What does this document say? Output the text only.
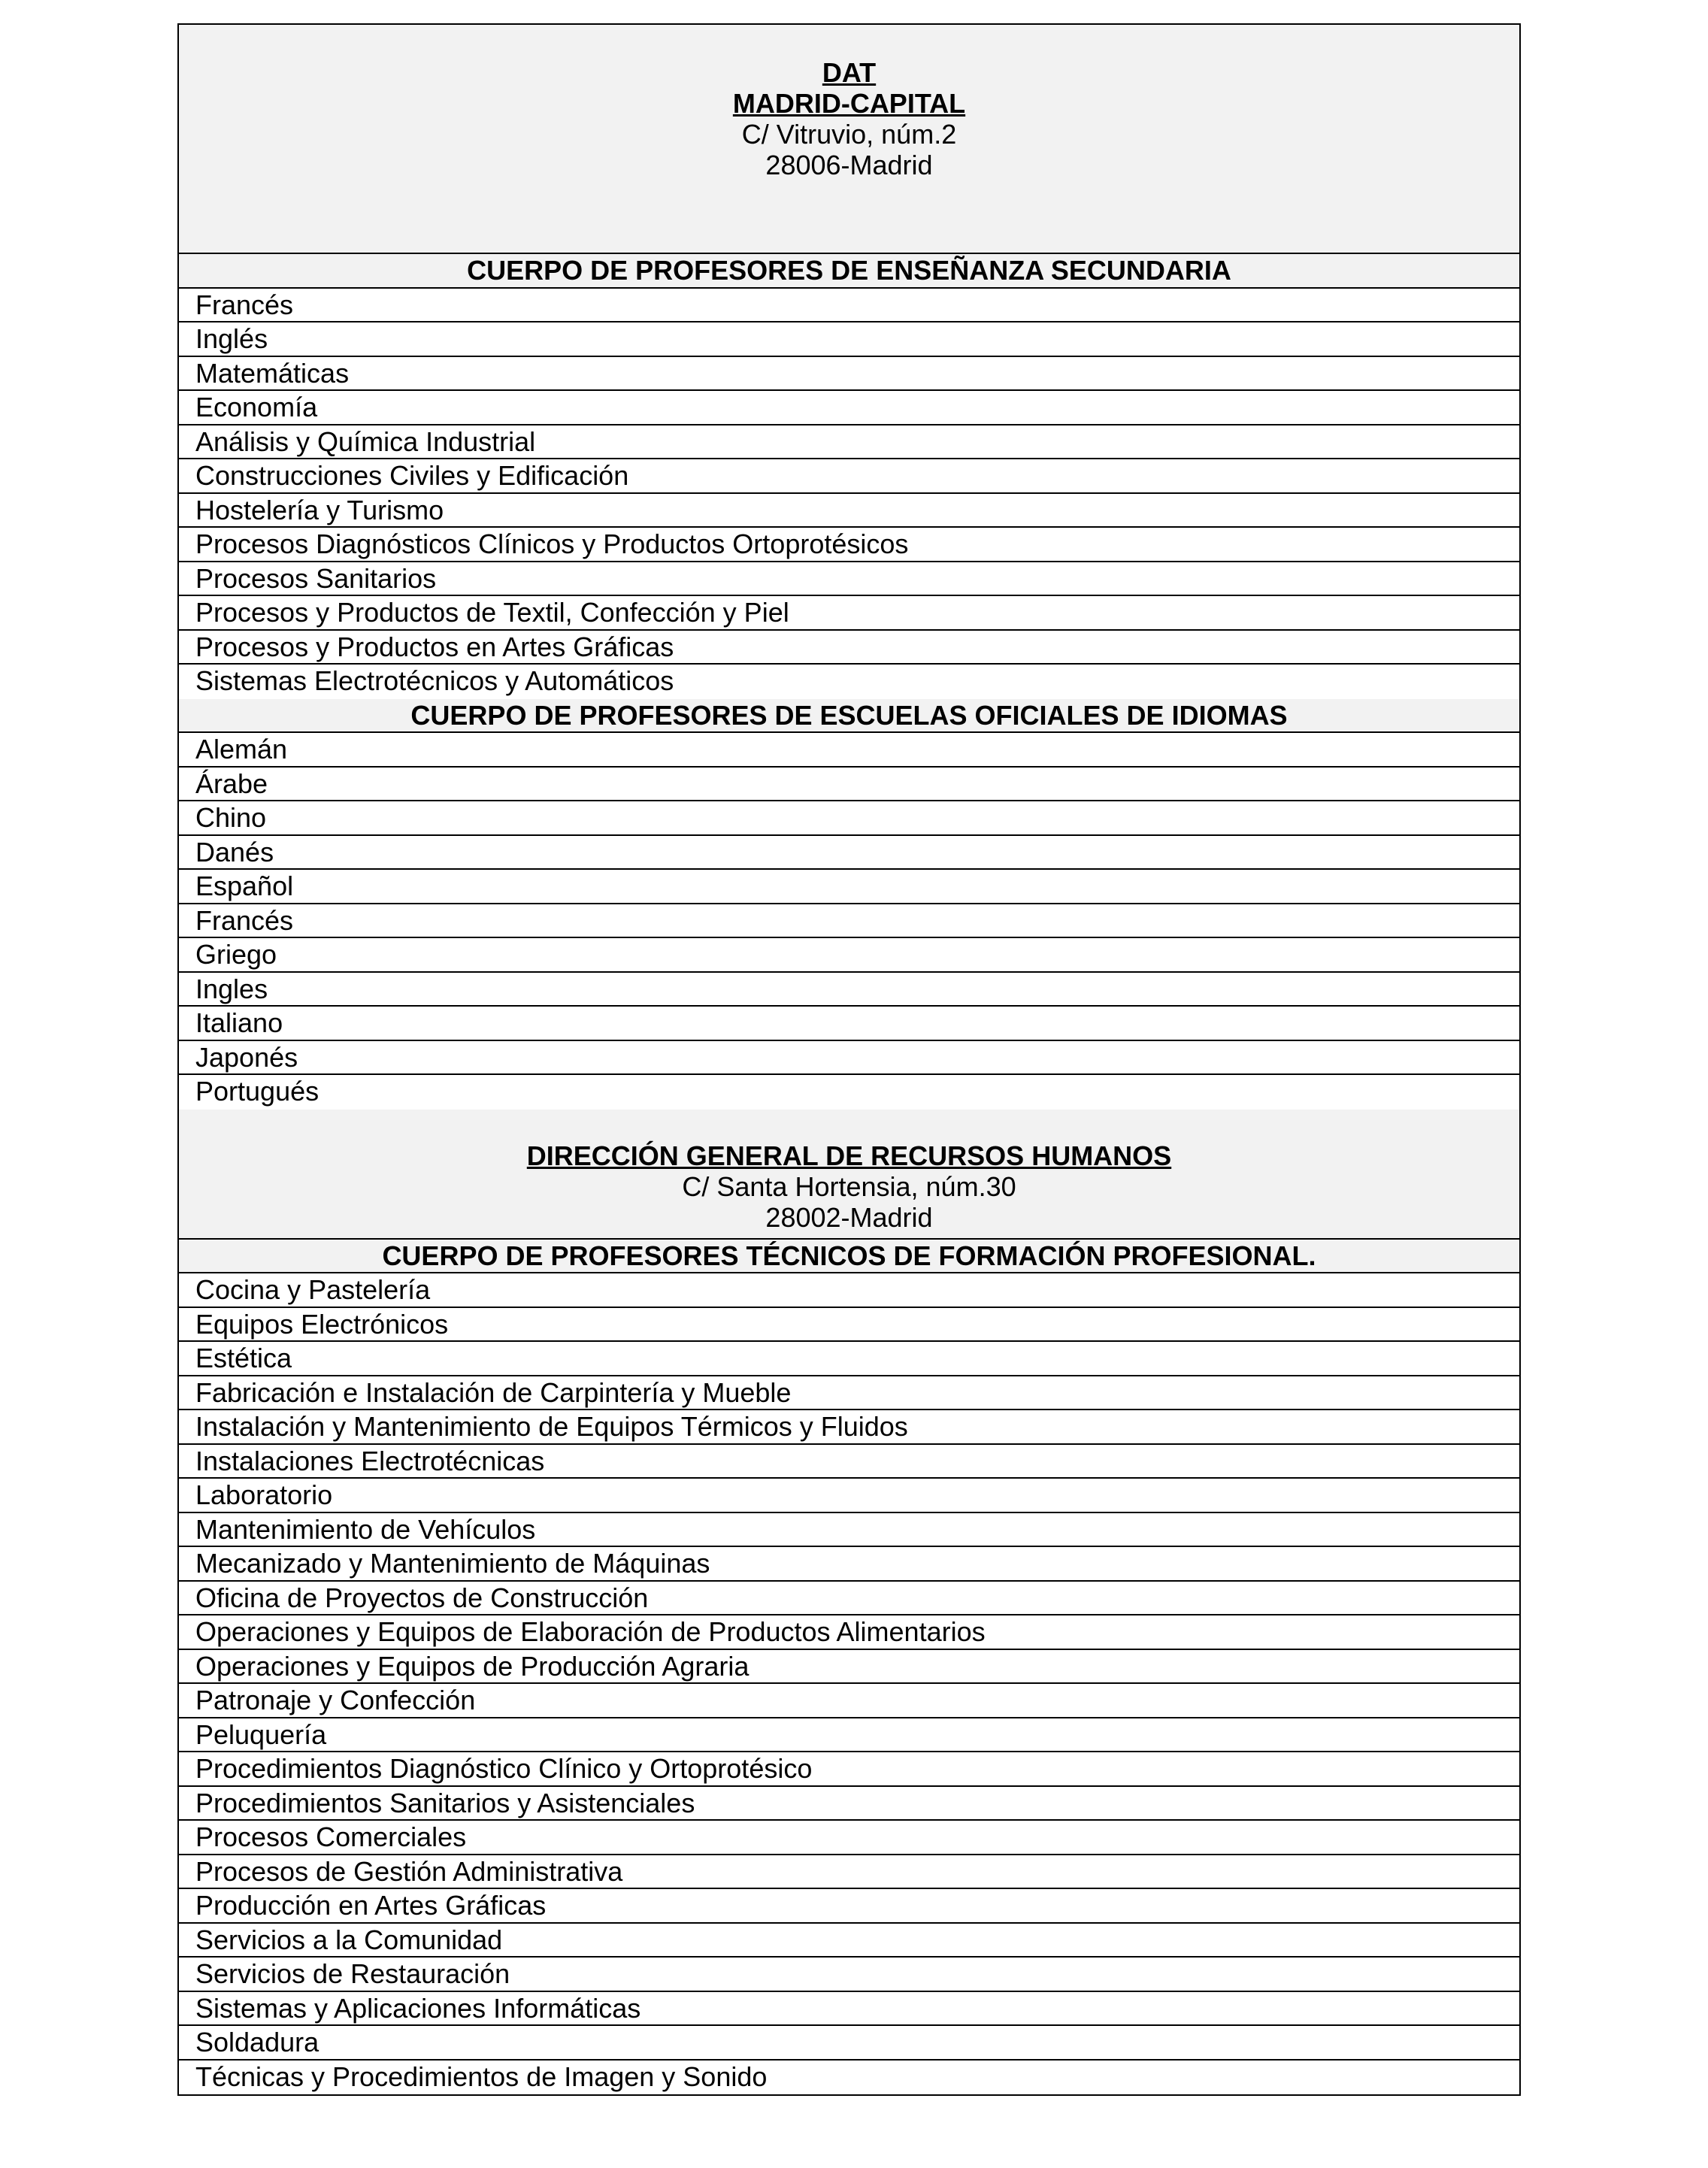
DAT
MADRID-CAPITAL
C/ Vitruvio, núm.2
28006-Madrid
CUERPO DE PROFESORES DE ENSEÑANZA SECUNDARIA
Francés
Inglés
Matemáticas
Economía
Análisis y Química Industrial
Construcciones Civiles y Edificación
Hostelería y Turismo
Procesos Diagnósticos Clínicos y Productos Ortoprotésicos
Procesos Sanitarios
Procesos y Productos de Textil, Confección y Piel
Procesos y Productos en Artes Gráficas
Sistemas Electrotécnicos y Automáticos
CUERPO DE PROFESORES DE ESCUELAS OFICIALES DE IDIOMAS
Alemán
Árabe
Chino
Danés
Español
Francés
Griego
Ingles
Italiano
Japonés
Portugués
DIRECCIÓN GENERAL DE RECURSOS HUMANOS
C/ Santa Hortensia, núm.30
28002-Madrid
CUERPO DE PROFESORES TÉCNICOS DE FORMACIÓN PROFESIONAL.
Cocina y Pastelería
Equipos Electrónicos
Estética
Fabricación e Instalación de Carpintería y Mueble
Instalación y Mantenimiento de Equipos Térmicos y Fluidos
Instalaciones Electrotécnicas
Laboratorio
Mantenimiento de Vehículos
Mecanizado y Mantenimiento de Máquinas
Oficina de Proyectos de Construcción
Operaciones y Equipos de Elaboración de Productos Alimentarios
Operaciones y Equipos de Producción Agraria
Patronaje y Confección
Peluquería
Procedimientos Diagnóstico Clínico y Ortoprotésico
Procedimientos Sanitarios y Asistenciales
Procesos Comerciales
Procesos de Gestión Administrativa
Producción en Artes Gráficas
Servicios a la Comunidad
Servicios de Restauración
Sistemas y Aplicaciones Informáticas
Soldadura
Técnicas y Procedimientos de Imagen y Sonido
